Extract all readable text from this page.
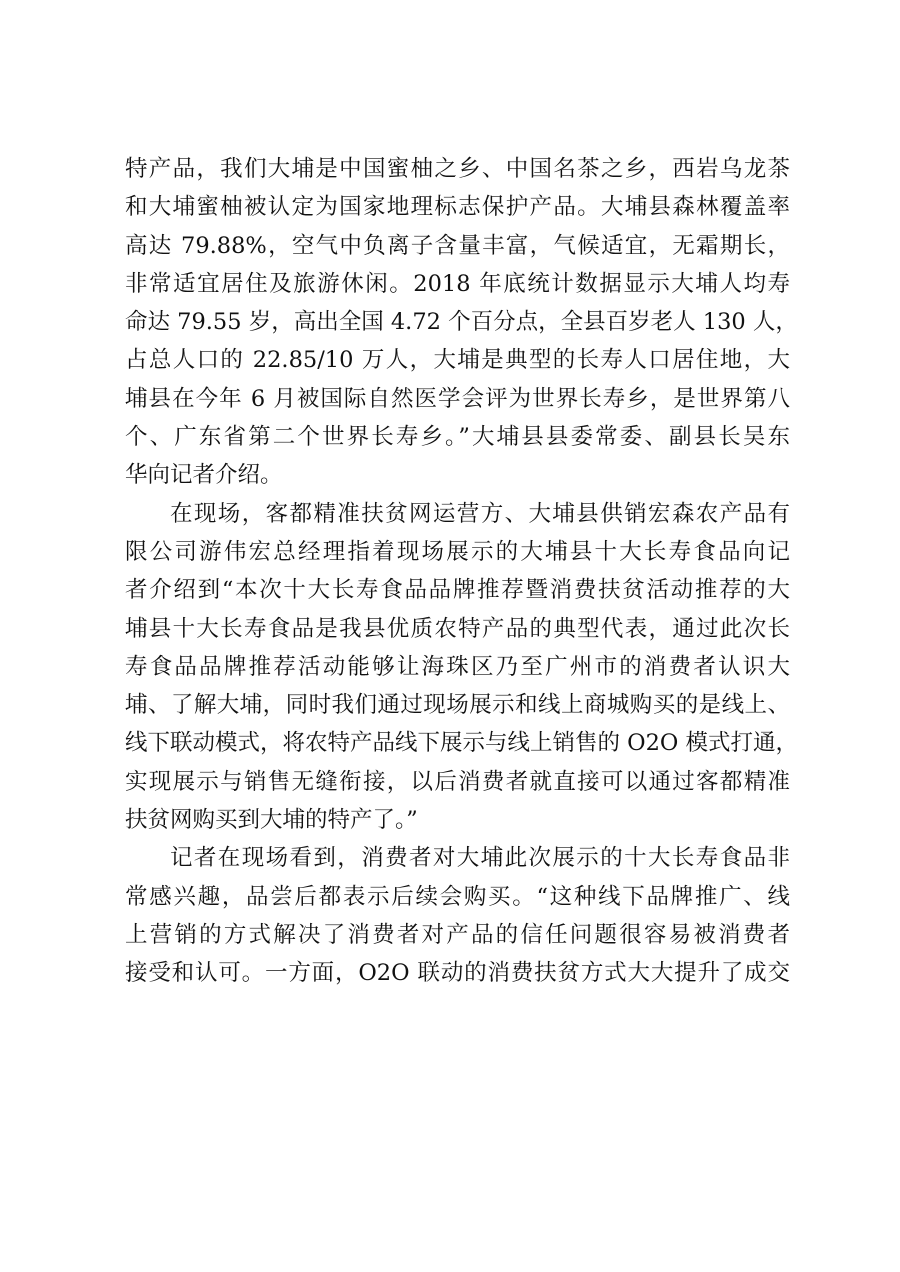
特产品，我们大埔是中国蜜柚之乡、中国名茶之乡，西岩乌龙茶
和大埔蜜柚被认定为国家地理标志保护产品。大埔县森林覆盖率
高达 79.88%，空气中负离子含量丰富，气候适宜，无霜期长，
非常适宜居住及旅游休闲。2018 年底统计数据显示大埔人均寿
命达 79.55 岁，高出全国 4.72 个百分点，全县百岁老人 130 人，
占总人口的 22.85/10 万人，大埔是典型的长寿人口居住地，大
埔县在今年 6 月被国际自然医学会评为世界长寿乡，是世界第八
个、广东省第二个世界长寿乡。”大埔县县委常委、副县长吴东
华向记者介绍。
在现场，客都精准扶贫网运营方、大埔县供销宏森农产品有
限公司游伟宏总经理指着现场展示的大埔县十大长寿食品向记
者介绍到“本次十大长寿食品品牌推荐暨消费扶贫活动推荐的大
埔县十大长寿食品是我县优质农特产品的典型代表，通过此次长
寿食品品牌推荐活动能够让海珠区乃至广州市的消费者认识大
埔、了解大埔，同时我们通过现场展示和线上商城购买的是线上、
线下联动模式，将农特产品线下展示与线上销售的 O2O 模式打通，
实现展示与销售无缝衔接，以后消费者就直接可以通过客都精准
扶贫网购买到大埔的特产了。”
记者在现场看到，消费者对大埔此次展示的十大长寿食品非
常感兴趣，品尝后都表示后续会购买。“这种线下品牌推广、线
上营销的方式解决了消费者对产品的信任问题很容易被消费者
接受和认可。一方面，O2O 联动的消费扶贫方式大大提升了成交
